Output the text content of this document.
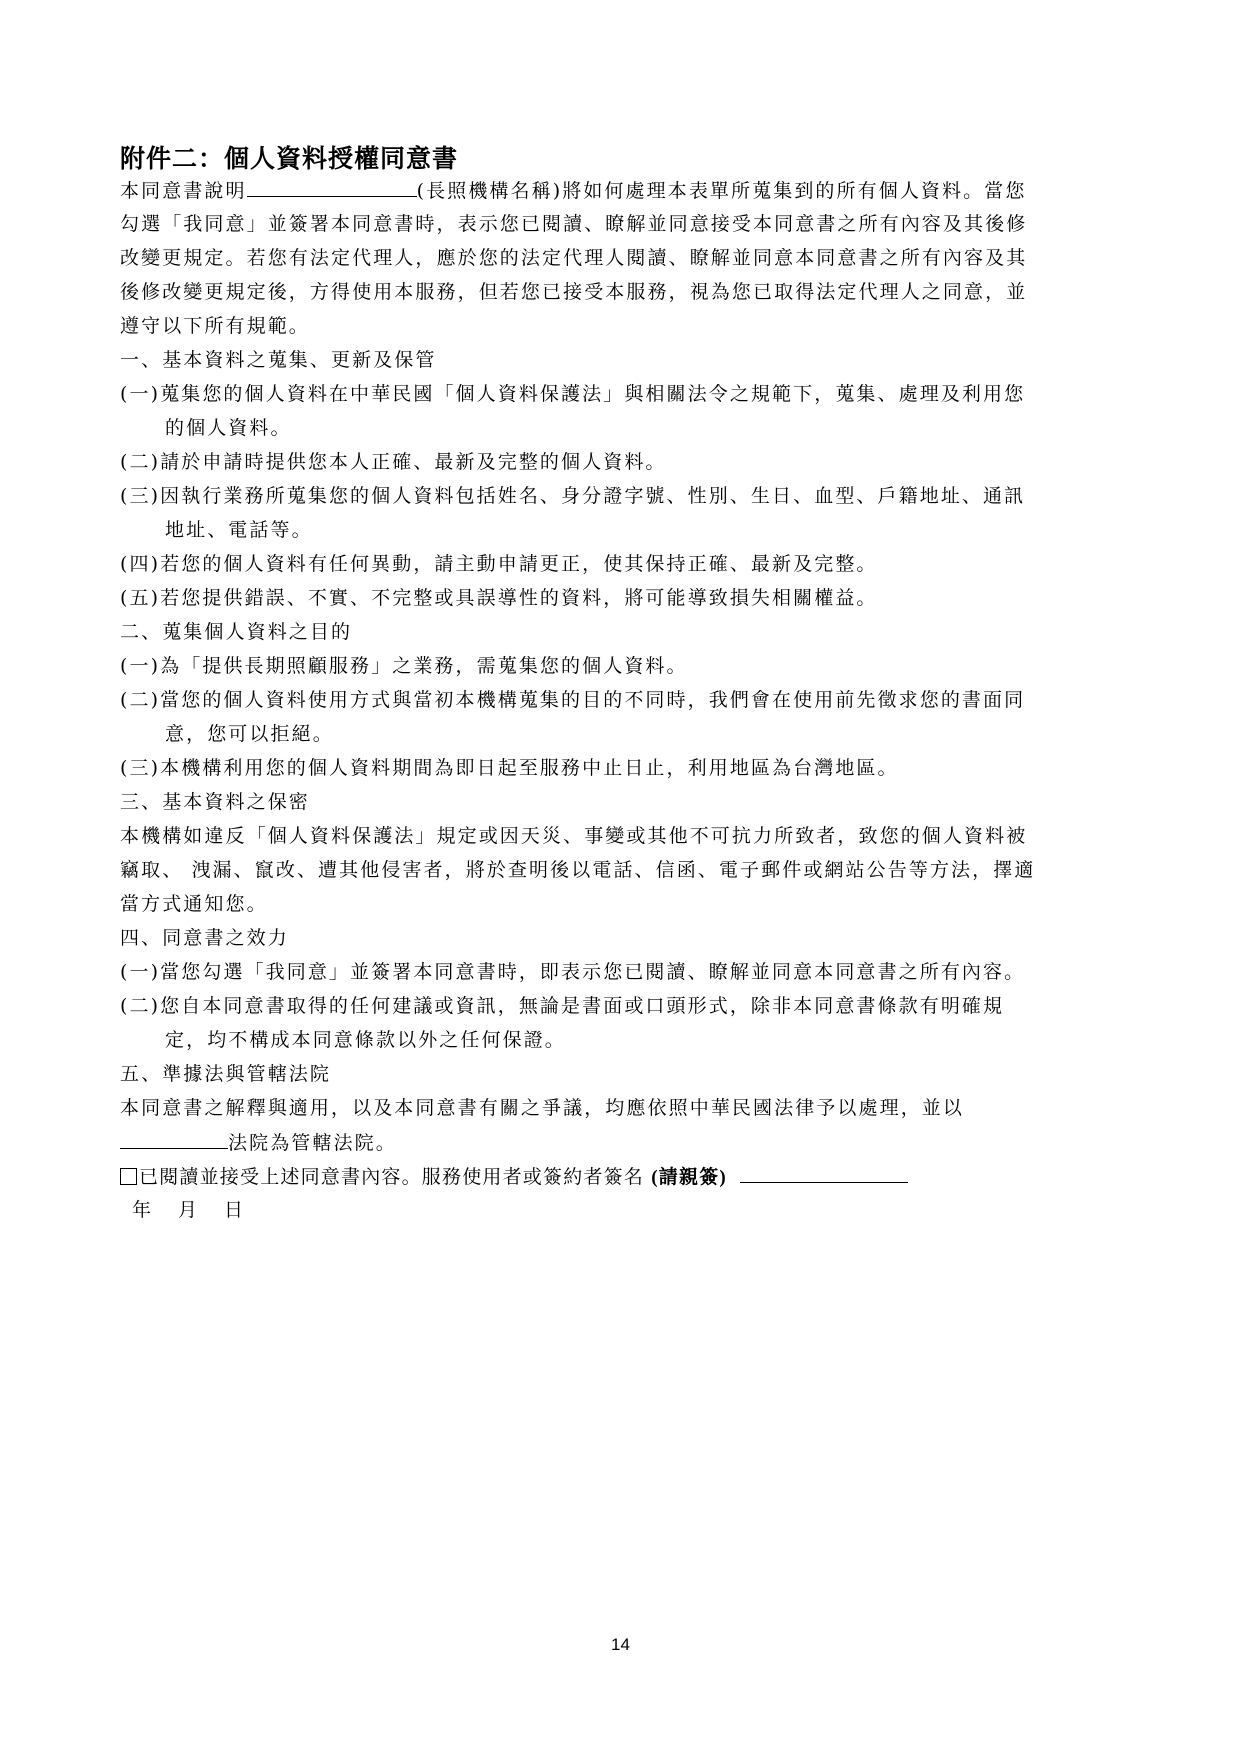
附件二：個人資料授權同意書
本同意書說明	(長照機構名稱)將如何處理本表單所蒐集到的所有個人資料。當您
勾選「我同意」並簽署本同意書時，表示您已閱讀、瞭解並同意接受本同意書之所有內容及其後修
改變更規定。若您有法定代理人，應於您的法定代理人閱讀、瞭解並同意本同意書之所有內容及其
後修改變更規定後，方得使用本服務，但若您已接受本服務，視為您已取得法定代理人之同意，並
遵守以下所有規範。
一、基本資料之蒐集、更新及保管
(一)蒐集您的個人資料在中華民國「個人資料保護法」與相關法令之規範下，蒐集、處理及利用您
的個人資料。
(二)請於申請時提供您本人正確、最新及完整的個人資料。
(三)因執行業務所蒐集您的個人資料包括姓名、身分證字號、性別、生日、血型、戶籍地址、通訊
地址、電話等。
(四)若您的個人資料有任何異動，請主動申請更正，使其保持正確、最新及完整。
(五)若您提供錯誤、不實、不完整或具誤導性的資料，將可能導致損失相關權益。
二、蒐集個人資料之目的
(一)為「提供長期照顧服務」之業務，需蒐集您的個人資料。
(二)當您的個人資料使用方式與當初本機構蒐集的目的不同時，我們會在使用前先徵求您的書面同
意，您可以拒絕。
(三)本機構利用您的個人資料期間為即日起至服務中止日止，利用地區為台灣地區。
三、基本資料之保密
本機構如違反「個人資料保護法」規定或因天災、事變或其他不可抗力所致者，致您的個人資料被
竊取、 洩漏、竄改、遭其他侵害者，將於查明後以電話、信函、電子郵件或網站公告等方法，擇適
當方式通知您。
四、同意書之效力
(一)當您勾選「我同意」並簽署本同意書時，即表示您已閱讀、瞭解並同意本同意書之所有內容。
(二)您自本同意書取得的任何建議或資訊，無論是書面或口頭形式，除非本同意書條款有明確規
定，均不構成本同意條款以外之任何保證。
五、準據法與管轄法院
本同意書之解釋與適用，以及本同意書有關之爭議，均應依照中華民國法律予以處理，並以
法院為管轄法院。
已閱讀並接受上述同意書內容。服務使用者或簽約者簽名 (請親簽)
年　月　日
14
